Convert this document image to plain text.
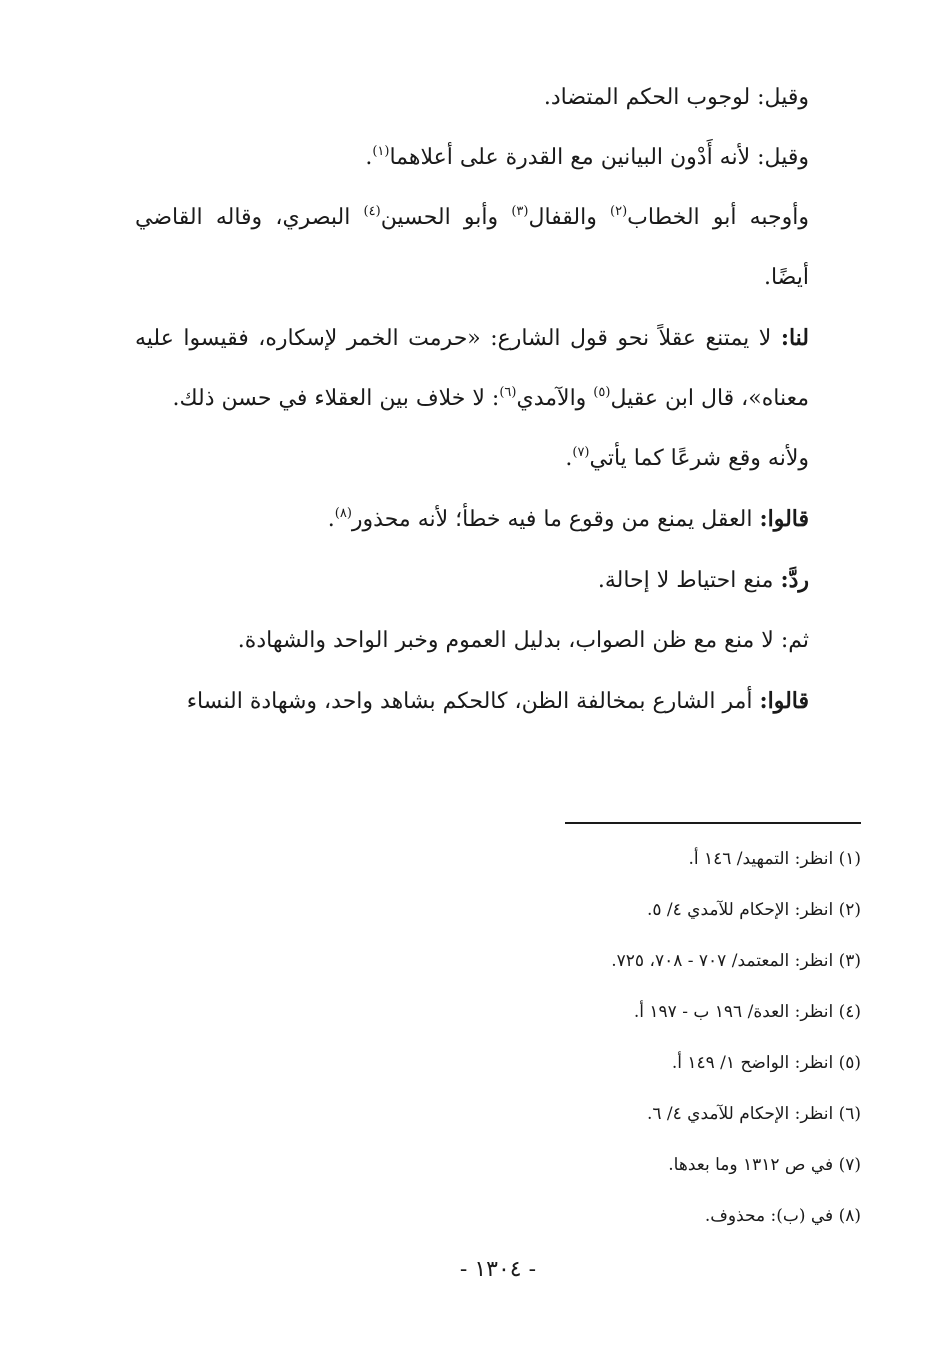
وقيل: لوجوب الحكم المتضاد.
وقيل: لأنه أَدْون البيانين مع القدرة على أعلاهما$^{(١)}$.
وأوجبه أبو الخطاب$^{(٢)}$ والقفال$^{(٣)}$ وأبو الحسين$^{(٤)}$ البصري، وقاله القاضي أيضًا.
لنا: لا يمتنع عقلاً نحو قول الشارع: «حرمت الخمر لإسكاره، فقيسوا عليه معناه»، قال ابن عقيل$^{(٥)}$ والآمدي$^{(٦)}$: لا خلاف بين العقلاء في حسن ذلك.
ولأنه وقع شرعًا كما يأتي$^{(٧)}$.
قالوا: العقل يمنع من وقوع ما فيه خطأ؛ لأنه محذور$^{(٨)}$.
ردَّ: منع احتياط لا إحالة.
ثم: لا منع مع ظن الصواب، بدليل العموم وخبر الواحد والشهادة.
قالوا: أمر الشارع بمخالفة الظن، كالحكم بشاهد واحد، وشهادة النساء
(١) انظر: التمهيد/ ١٤٦ أ.
(٢) انظر: الإحكام للآمدي ٤/ ٥.
(٣) انظر: المعتمد/ ٧٠٧ - ٧٠٨، ٧٢٥.
(٤) انظر: العدة/ ١٩٦ ب - ١٩٧ أ.
(٥) انظر: الواضح ١/ ١٤٩ أ.
(٦) انظر: الإحكام للآمدي ٤/ ٦.
(٧) في ص ١٣١٢ وما بعدها.
(٨) في (ب): محذوف.
- ١٣٠٤ -
